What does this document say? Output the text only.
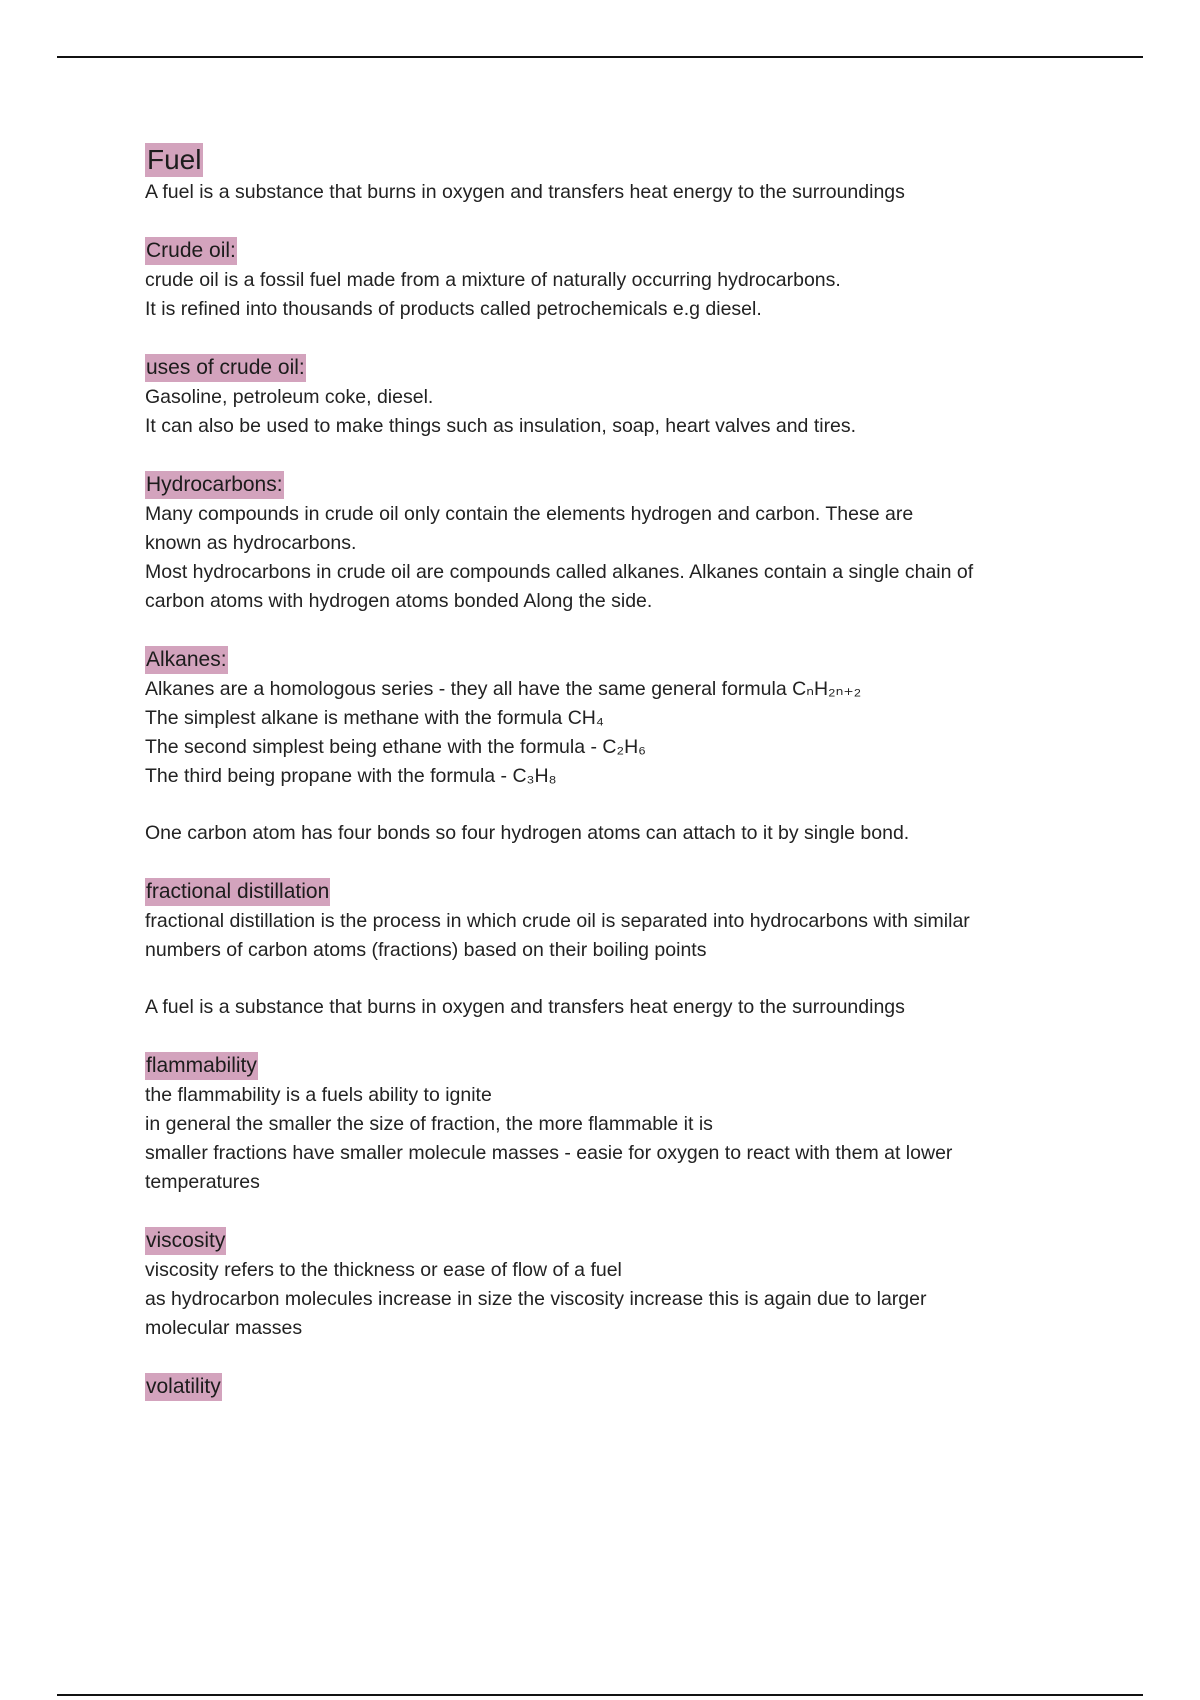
Fuel

A fuel is a substance that burns in oxygen and transfers heat energy to the surroundings

Crude oil:

crude oil is a fossil fuel made from a mixture of naturally occurring hydrocarbons.

It is refined into thousands of products called petrochemicals e.g diesel.

uses of crude oil:

Gasoline, petroleum coke, diesel.

It can also be used to make things such as insulation, soap, heart valves and tires.

Hydrocarbons:

Many compounds in crude oil only contain the elements hydrogen and carbon. These are

known as hydrocarbons.

Most hydrocarbons in crude oil are compounds called alkanes. Alkanes contain a single chain of

carbon atoms with hydrogen atoms bonded Along the side.

Alkanes:

Alkanes are a homologous series - they all have the same general formula CₙH₂ₙ₊₂

The simplest alkane is methane with the formula CH₄

The second simplest being ethane with the formula - C₂H₆

The third being propane with the formula - C₃H₈

One carbon atom has four bonds so four hydrogen atoms can attach to it by single bond.

fractional distillation

fractional distillation is the process in which crude oil is separated into hydrocarbons with similar

numbers of carbon atoms (fractions) based on their boiling points

A fuel is a substance that burns in oxygen and transfers heat energy to the surroundings

flammability

the flammability is a fuels ability to ignite

in general the smaller the size of fraction, the more flammable it is

smaller fractions have smaller molecule masses - easie for oxygen to react with them at lower

temperatures

viscosity

viscosity refers to the thickness or ease of flow of a fuel

as hydrocarbon molecules increase in size the viscosity increase this is again due to larger

molecular masses

volatility
